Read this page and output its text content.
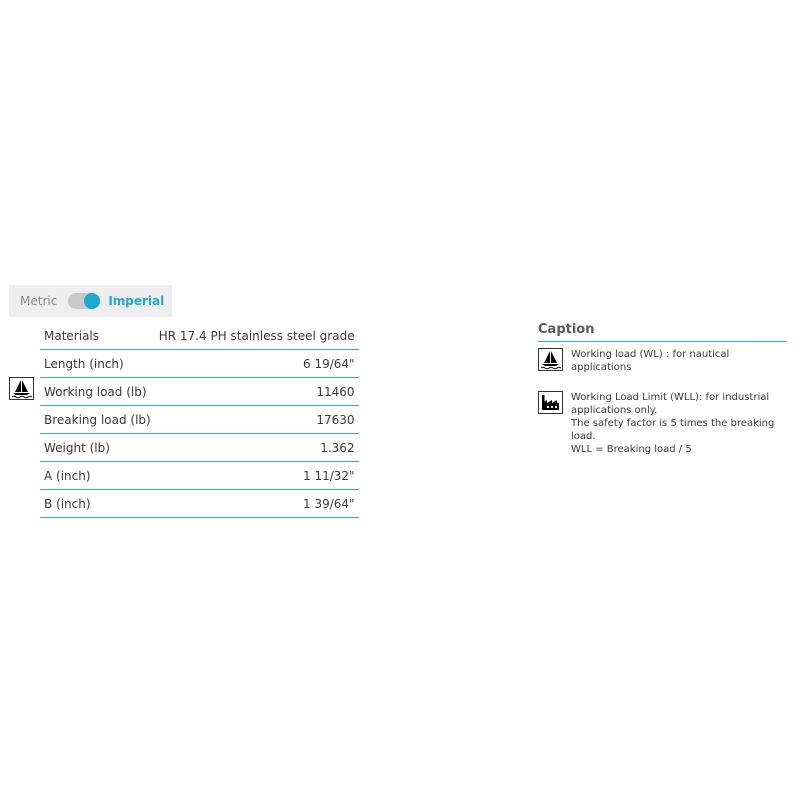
Metric	Imperial
Materials	HR 17.4 PH stainless steel grade
Length (inch)	6 19/64"
Working load (lb)	11460
Breaking load (lb)	17630
Weight (lb)	1.362
A (inch)	1 11/32"
B (inch)	1 39/64"
Caption

Working load (WL) : for nautical applications

Working Load Limit (WLL): for industrial applications only.

The safety factor is 5 times the breaking load.

WLL = Breaking load / 5
